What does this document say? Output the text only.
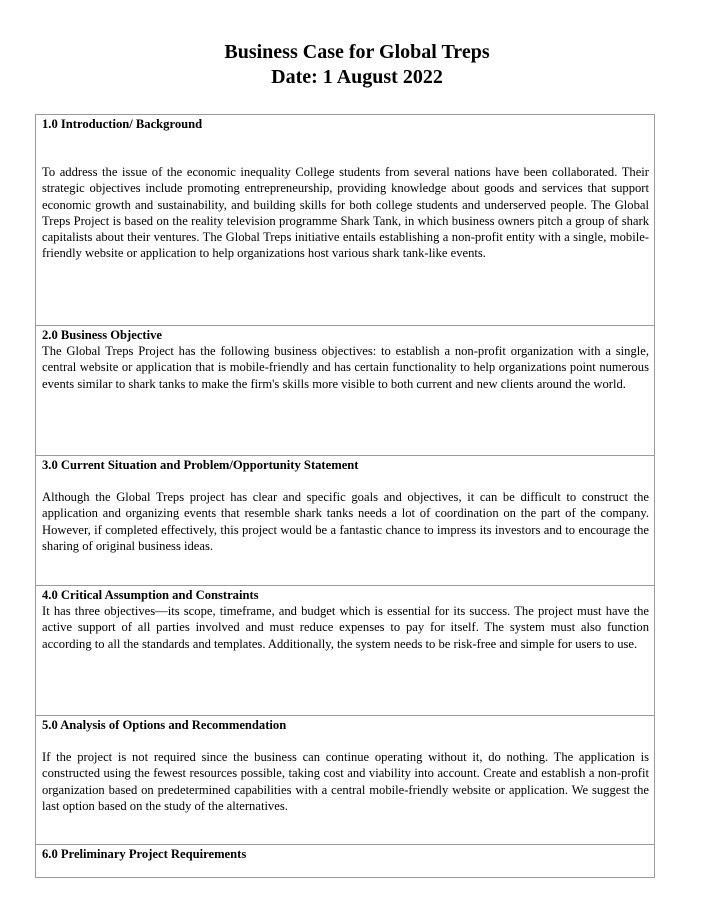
Business Case for Global Treps
Date: 1 August 2022
1.0 Introduction/ Background
To address the issue of the economic inequality College students from several nations have been collaborated. Their strategic objectives include promoting entrepreneurship, providing knowledge about goods and services that support economic growth and sustainability, and building skills for both college students and underserved people. The Global Treps Project is based on the reality television programme Shark Tank, in which business owners pitch a group of shark capitalists about their ventures. The Global Treps initiative entails establishing a non-profit entity with a single, mobile-friendly website or application to help organizations host various shark tank-like events.
2.0 Business Objective
The Global Treps Project has the following business objectives: to establish a non-profit organization with a single, central website or application that is mobile-friendly and has certain functionality to help organizations point numerous events similar to shark tanks to make the firm's skills more visible to both current and new clients around the world.
3.0 Current Situation and Problem/Opportunity Statement
Although the Global Treps project has clear and specific goals and objectives, it can be difficult to construct the application and organizing events that resemble shark tanks needs a lot of coordination on the part of the company. However, if completed effectively, this project would be a fantastic chance to impress its investors and to encourage the sharing of original business ideas.
4.0 Critical Assumption and Constraints
It has three objectives—its scope, timeframe, and budget which is essential for its success. The project must have the active support of all parties involved and must reduce expenses to pay for itself. The system must also function according to all the standards and templates. Additionally, the system needs to be risk-free and simple for users to use.
5.0 Analysis of Options and Recommendation
If the project is not required since the business can continue operating without it, do nothing. The application is constructed using the fewest resources possible, taking cost and viability into account. Create and establish a non-profit organization based on predetermined capabilities with a central mobile-friendly website or application. We suggest the last option based on the study of the alternatives.
6.0 Preliminary Project Requirements
